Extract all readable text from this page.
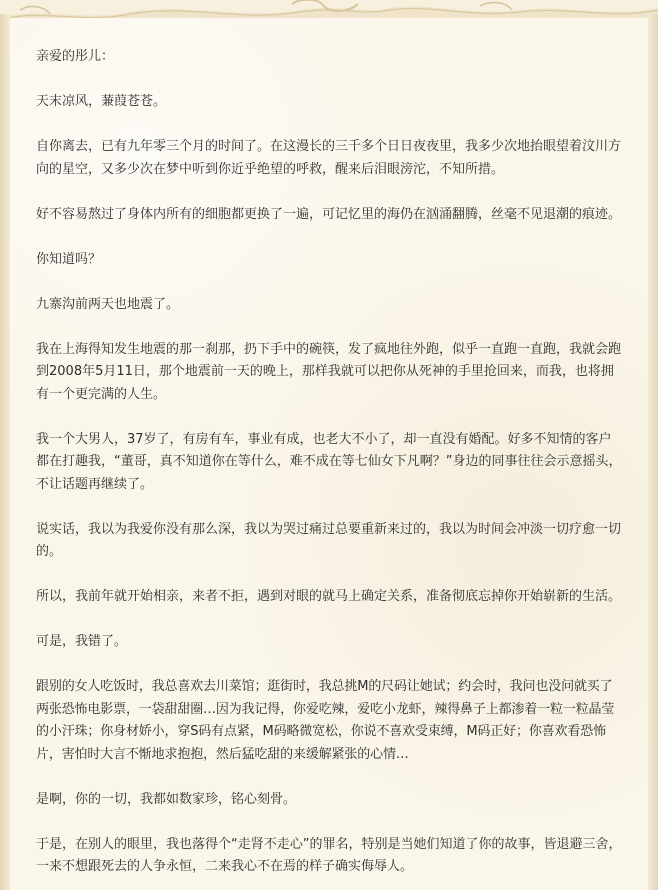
亲爱的彤儿：

天末凉风，蒹葭苍苍。

自你离去，已有九年零三个月的时间了。在这漫长的三千多个日日夜夜里，我多少次地抬眼望着汶川方向的星空，又多少次在梦中听到你近乎绝望的呼救，醒来后泪眼滂沱，不知所措。

好不容易熬过了身体内所有的细胞都更换了一遍，可记忆里的海仍在汹涌翻腾，丝毫不见退潮的痕迹。

你知道吗？

九寨沟前两天也地震了。

我在上海得知发生地震的那一刹那，扔下手中的碗筷，发了疯地往外跑，似乎一直跑一直跑，我就会跑到2008年5月11日，那个地震前一天的晚上，那样我就可以把你从死神的手里抢回来，而我，也将拥有一个更完满的人生。

我一个大男人，37岁了，有房有车，事业有成，也老大不小了，却一直没有婚配。好多不知情的客户都在打趣我，“董哥，真不知道你在等什么，难不成在等七仙女下凡啊？”身边的同事往往会示意摇头，不让话题再继续了。

说实话，我以为我爱你没有那么深，我以为哭过痛过总要重新来过的，我以为时间会冲淡一切疗愈一切的。

所以，我前年就开始相亲，来者不拒，遇到对眼的就马上确定关系，准备彻底忘掉你开始崭新的生活。

可是，我错了。

跟别的女人吃饭时，我总喜欢去川菜馆；逛街时，我总挑M的尺码让她试；约会时，我问也没问就买了两张恐怖电影票，一袋甜甜圈…因为我记得，你爱吃辣，爱吃小龙虾，辣得鼻子上都渗着一粒一粒晶莹的小汗珠；你身材娇小，穿S码有点紧，M码略微宽松，你说不喜欢受束缚，M码正好；你喜欢看恐怖片，害怕时大言不惭地求抱抱，然后猛吃甜的来缓解紧张的心情…

是啊，你的一切，我都如数家珍，铭心刻骨。

于是，在别人的眼里，我也落得个“走肾不走心”的罪名，特别是当她们知道了你的故事，皆退避三舍，一来不想跟死去的人争永恒，二来我心不在焉的样子确实侮辱人。
